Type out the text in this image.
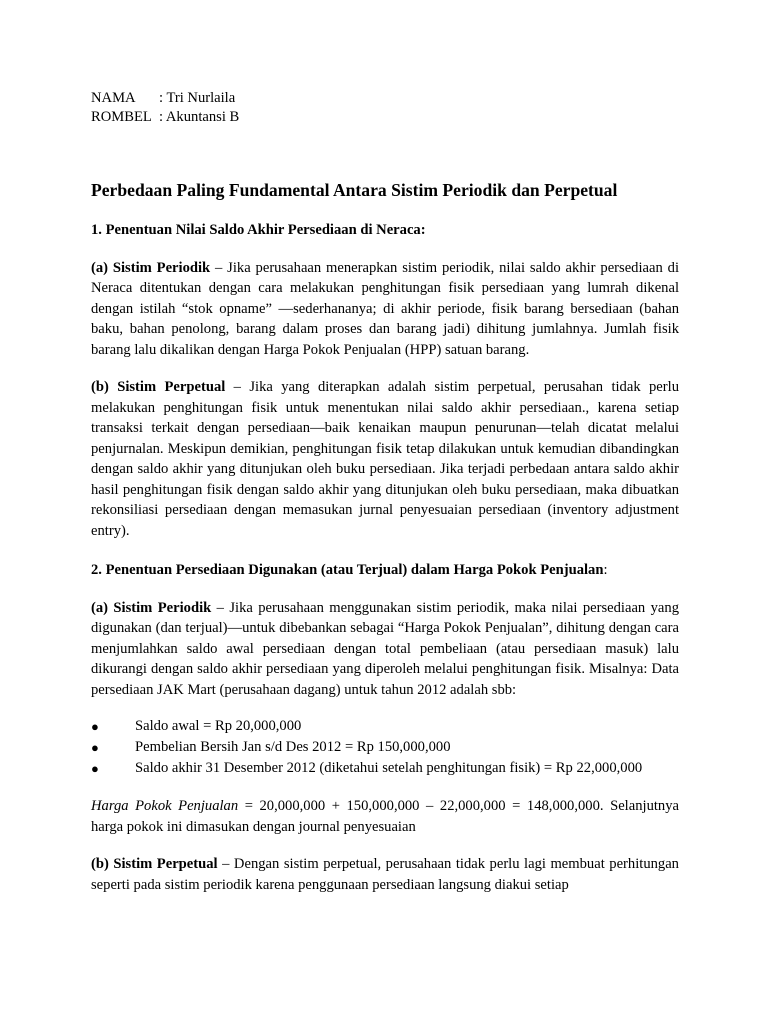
NAMA	: Tri Nurlaila
ROMBEL : Akuntansi B
Perbedaan Paling Fundamental Antara Sistim Periodik dan Perpetual
1. Penentuan Nilai Saldo Akhir Persediaan di Neraca:

(a) Sistim Periodik – Jika perusahaan menerapkan sistim periodik, nilai saldo akhir persediaan di Neraca ditentukan dengan cara melakukan penghitungan fisik persediaan yang lumrah dikenal dengan istilah “stok opname” —sederhananya; di akhir periode, fisik barang bersediaan (bahan baku, bahan penolong, barang dalam proses dan barang jadi) dihitung jumlahnya. Jumlah fisik barang lalu dikalikan dengan Harga Pokok Penjualan (HPP) satuan barang.

(b) Sistim Perpetual – Jika yang diterapkan adalah sistim perpetual, perusahan tidak perlu melakukan penghitungan fisik untuk menentukan nilai saldo akhir persediaan., karena setiap transaksi terkait dengan persediaan—baik kenaikan maupun penurunan—telah dicatat melalui penjurnalan. Meskipun demikian, penghitungan fisik tetap dilakukan untuk kemudian dibandingkan dengan saldo akhir yang ditunjukan oleh buku persediaan. Jika terjadi perbedaan antara saldo akhir hasil penghitungan fisik dengan saldo akhir yang ditunjukan oleh buku persediaan, maka dibuatkan rekonsiliasi persediaan dengan memasukan jurnal penyesuaian persediaan (inventory adjustment entry).

2. Penentuan Persediaan Digunakan (atau Terjual) dalam Harga Pokok Penjualan:

(a) Sistim Periodik – Jika perusahaan menggunakan sistim periodik, maka nilai persediaan yang digunakan (dan terjual)—untuk dibebankan sebagai “Harga Pokok Penjualan”, dihitung dengan cara menjumlahkan saldo awal persediaan dengan total pembeliaan (atau persediaan masuk) lalu dikurangi dengan saldo akhir persediaan yang diperoleh melalui penghitungan fisik. Misalnya: Data persediaan JAK Mart (perusahaan dagang) untuk tahun 2012 adalah sbb:

●	Saldo awal = Rp 20,000,000
●	Pembelian Bersih Jan s/d Des 2012 = Rp 150,000,000
●	Saldo akhir 31 Desember 2012 (diketahui setelah penghitungan fisik) = Rp 22,000,000

Harga Pokok Penjualan = 20,000,000 + 150,000,000 – 22,000,000 = 148,000,000. Selanjutnya harga pokok ini dimasukan dengan journal penyesuaian

(b) Sistim Perpetual – Dengan sistim perpetual, perusahaan tidak perlu lagi membuat perhitungan seperti pada sistim periodik karena penggunaan persediaan langsung diakui setiap
